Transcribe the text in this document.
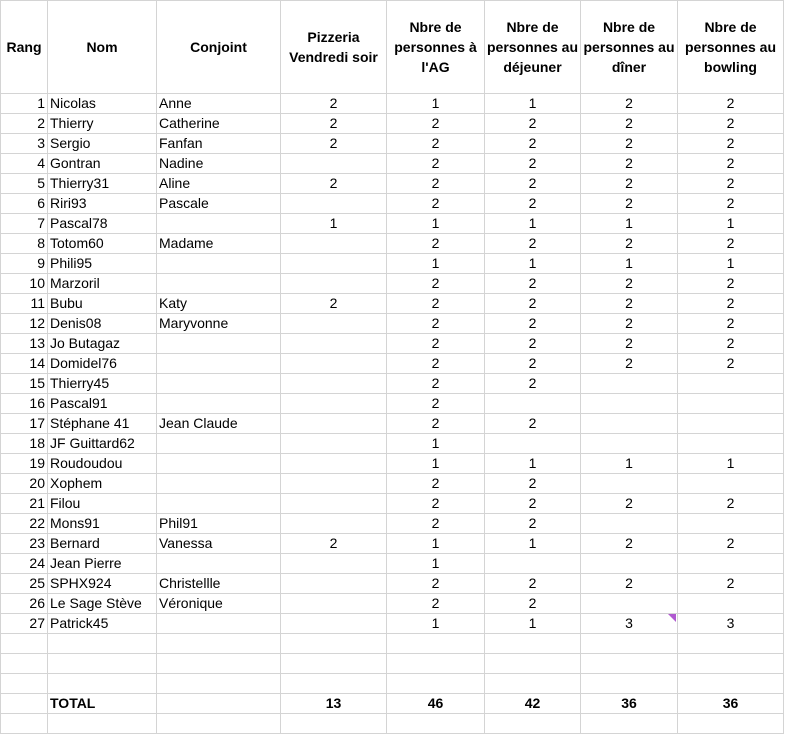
Rang	Nom	Conjoint	Pizzeria Vendredi soir	Nbre de personnes à l'AG	Nbre de personnes au déjeuner	Nbre de personnes au dîner	Nbre de personnes au bowling
1	Nicolas	Anne	2	1	1	2	2
2	Thierry	Catherine	2	2	2	2	2
3	Sergio	Fanfan	2	2	2	2	2
4	Gontran	Nadine		2	2	2	2
5	Thierry31	Aline	2	2	2	2	2
6	Riri93	Pascale		2	2	2	2
7	Pascal78		1	1	1	1	1
8	Totom60	Madame		2	2	2	2
9	Phili95			1	1	1	1
10	Marzoril			2	2	2	2
11	Bubu	Katy	2	2	2	2	2
12	Denis08	Maryvonne		2	2	2	2
13	Jo Butagaz			2	2	2	2
14	Domidel76			2	2	2	2
15	Thierry45			2	2		
16	Pascal91			2			
17	Stéphane 41	Jean Claude		2	2		
18	JF Guittard62			1			
19	Roudoudou			1	1	1	1
20	Xophem			2	2		
21	Filou			2	2	2	2
22	Mons91	Phil91		2	2		
23	Bernard	Vanessa	2	1	1	2	2
24	Jean Pierre			1			
25	SPHX924	Christellle		2	2	2	2
26	Le Sage Stève	Véronique		2	2		
27	Patrick45			1	1	3	3

	TOTAL		13	46	42	36	36
